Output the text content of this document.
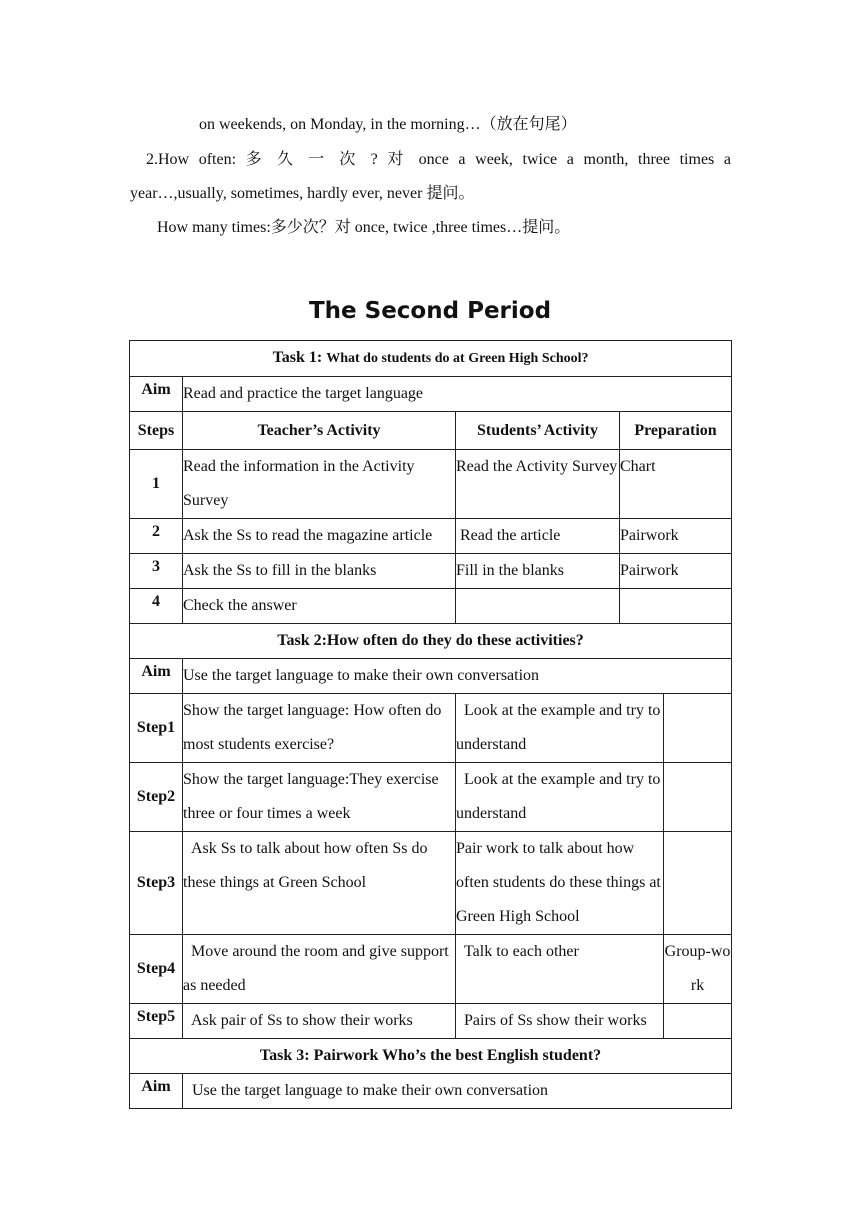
on weekends, on Monday, in the morning…（放在句尾）
2.How often: 多 久 一 次 ? 对 once a week, twice a month, three times a
year…,usually, sometimes, hardly ever, never 提问。
How many times:多少次？对 once, twice ,three times…提问。
The Second Period
Task 1: What do students do at Green High School?				
Aim	Read and practice the target language			
Steps	Teacher’s Activity	Students’ Activity	Preparation	
1	Read the information in the Activity Survey	Read the Activity Survey	Chart	
2	Ask the Ss to read the magazine article	Read the article	Pairwork	
3	Ask the Ss to fill in the blanks	Fill in the blanks	Pairwork	
4	Check the answer			
Task 2:How often do they do these activities?				
Aim	Use the target language to make their own conversation			
Step1	Show the target language: How often do most students exercise?	Look at the example and try to understand		
Step2	Show the target language:They exercise three or four times a week	Look at the example and try to understand		
Step3	Ask Ss to talk about how often Ss do these things at Green School	Pair work to talk about how often students do these things at Green High School		
Step4	Move around the room and give support as needed	Talk to each other		Group-work
Step5	Ask pair of Ss to show their works	Pairs of Ss show their works		
Task 3: Pairwork Who’s the best English student?				
Aim	Use the target language to make their own conversation			
